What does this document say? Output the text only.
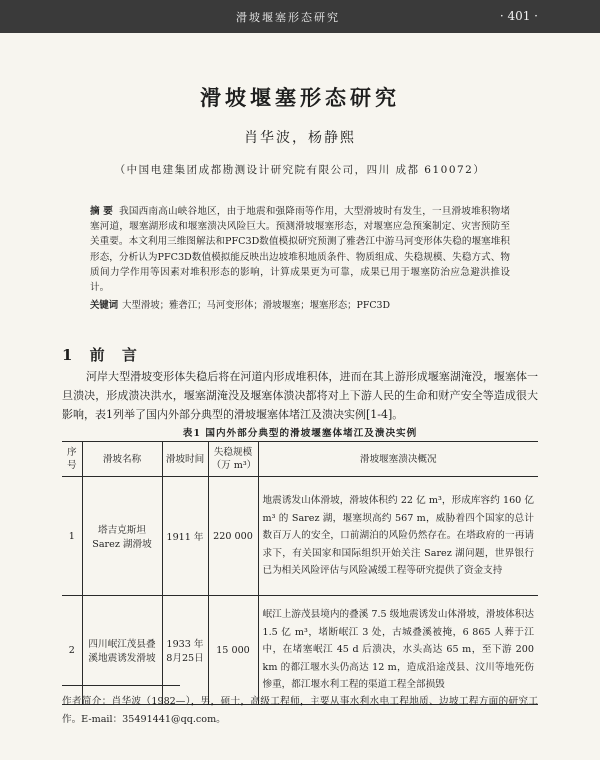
滑坡堰塞形态研究	· 401 ·
滑坡堰塞形态研究
肖华波，杨静熙
（中国电建集团成都勘测设计研究院有限公司，四川 成都 610072）

摘 要 我国西南高山峡谷地区，由于地震和强降雨等作用，大型滑坡时有发生，一旦滑坡堆积物堵塞河道，堰塞湖形成和堰塞溃决风险巨大。预测滑坡堰塞形态，对堰塞应急预案制定、灾害预防至关重要。本文利用三维图解法和PFC3D数值模拟研究预测了雅砻江中游马河变形体失稳的堰塞堆积形态，分析认为PFC3D数值模拟能反映出边坡堆积地质条件、物质组成、失稳规模、失稳方式、物质间力学作用等因素对堆积形态的影响，计算成果更为可靠，成果已用于堰塞防治应急避洪推设计。

关键词 大型滑坡；雅砻江；马河变形体；滑坡堰塞；堰塞形态；PFC3D
1 前 言

河岸大型滑坡变形体失稳后将在河道内形成堆积体，进而在其上游形成堰塞湖淹没，堰塞体一旦溃决，形成溃决洪水，堰塞湖淹没及堰塞体溃决都将对上下游人民的生命和财产安全等造成很大影响，表1列举了国内外部分典型的滑坡堰塞体堵江及溃决实例[1-4]。

表1 国内外部分典型的滑坡堰塞体堵江及溃决实例
序号	滑坡名称	滑坡时间	失稳规模（万 m³）	滑坡堰塞溃决概况
1	塔吉克斯坦Sarez 湖滑坡	1911 年	220 000	地震诱发山体滑坡，滑坡体积约 22 亿 m³，形成库容约 160 亿 m³ 的 Sarez 湖，堰塞坝高约 567 m，威胁着四个国家的总计数百万人的安全，口前湖泊的风险仍然存在。在塔政府的一再请求下，有关国家和国际组织开始关注 Sarez 湖问题，世界银行已为相关风险评估与风险减缓工程等研究提供了资金支持
2	四川岷江茂县叠溪地震诱发滑坡	1933 年 8月25日	15 000	岷江上游茂县境内的叠溪 7.5 级地震诱发山体滑坡，滑坡体积达 1.5 亿 m³，堵断岷江 3 处，古城叠溪被掩，6 865 人葬于江中，在堵塞岷江 45 d 后溃决，水头高达 65 m，至下游 200 km 的都江堰水头仍高达 12 m，造成沿途茂县、汶川等地死伤惨重，都江堰水利工程的渠道工程全部损毁
作者简介：肖华波（1982—），男，硕士，高级工程师，主要从事水利水电工程地质、边坡工程方面的研究工作。E-mail：35491441@qq.com。
